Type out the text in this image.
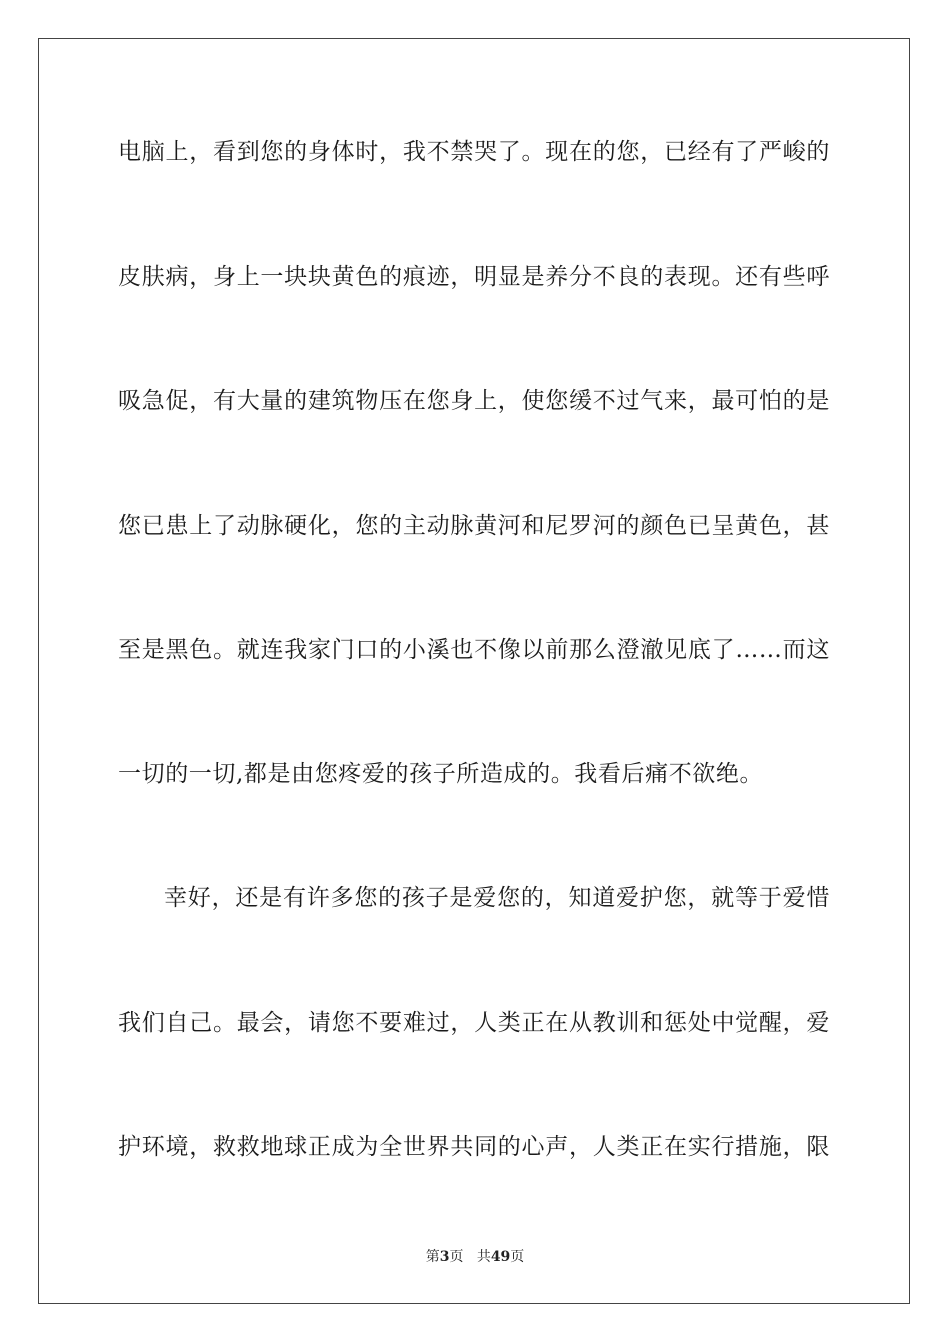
电脑上，看到您的身体时，我不禁哭了。现在的您，已经有了严峻的
皮肤病，身上一块块黄色的痕迹，明显是养分不良的表现。还有些呼
吸急促，有大量的建筑物压在您身上，使您缓不过气来，最可怕的是
您已患上了动脉硬化，您的主动脉黄河和尼罗河的颜色已呈黄色，甚
至是黑色。就连我家门口的小溪也不像以前那么澄澈见底了……而这
一切的一切,都是由您疼爱的孩子所造成的。我看后痛不欲绝。
幸好，还是有许多您的孩子是爱您的，知道爱护您，就等于爱惜
我们自己。最会，请您不要难过，人类正在从教训和惩处中觉醒，爱
护环境，救救地球正成为全世界共同的心声，人类正在实行措施，限
第3页 共49页
